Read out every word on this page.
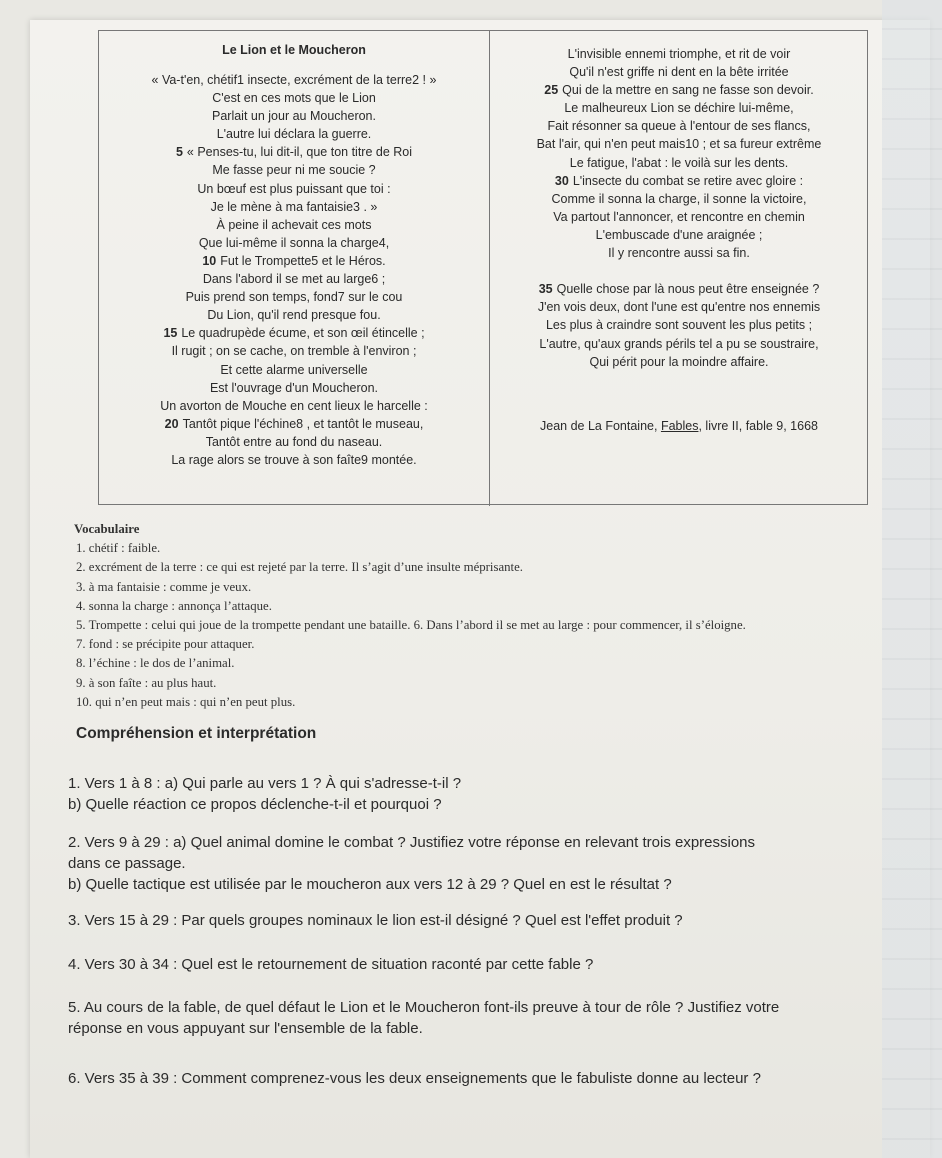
Le Lion et le Moucheron
« Va-t'en, chétif1 insecte, excrément de la terre2 ! »
C'est en ces mots que le Lion
Parlait un jour au Moucheron.
L'autre lui déclara la guerre.
5 « Penses-tu, lui dit-il, que ton titre de Roi
Me fasse peur ni me soucie ?
Un bœuf est plus puissant que toi :
Je le mène à ma fantaisie3 . »
À peine il achevait ces mots
Que lui-même il sonna la charge4,
10 Fut le Trompette5 et le Héros.
Dans l'abord il se met au large6 ;
Puis prend son temps, fond7 sur le cou
Du Lion, qu'il rend presque fou.
15 Le quadrupède écume, et son œil étincelle ;
Il rugit ; on se cache, on tremble à l'environ ;
Et cette alarme universelle
Est l'ouvrage d'un Moucheron.
Un avorton de Mouche en cent lieux le harcelle :
20 Tantôt pique l'échine8 , et tantôt le museau,
Tantôt entre au fond du naseau.
La rage alors se trouve à son faîte9 montée.
L'invisible ennemi triomphe, et rit de voir
Qu'il n'est griffe ni dent en la bête irritée
25 Qui de la mettre en sang ne fasse son devoir.
Le malheureux Lion se déchire lui-même,
Fait résonner sa queue à l'entour de ses flancs,
Bat l'air, qui n'en peut mais10 ; et sa fureur extrême
Le fatigue, l'abat : le voilà sur les dents.
30 L'insecte du combat se retire avec gloire :
Comme il sonna la charge, il sonne la victoire,
Va partout l'annoncer, et rencontre en chemin
L'embuscade d'une araignée ;
Il y rencontre aussi sa fin.

35 Quelle chose par là nous peut être enseignée ?
J'en vois deux, dont l'une est qu'entre nos ennemis
Les plus à craindre sont souvent les plus petits ;
L'autre, qu'aux grands périls tel a pu se soustraire,
Qui périt pour la moindre affaire.
Jean de La Fontaine, Fables, livre II, fable 9, 1668
Vocabulaire
1. chétif : faible.
2. excrément de la terre : ce qui est rejeté par la terre. Il s’agit d’une insulte méprisante.
3. à ma fantaisie : comme je veux.
4. sonna la charge : annonça l’attaque.
5. Trompette : celui qui joue de la trompette pendant une bataille. 6. Dans l’abord il se met au large : pour commencer, il s’éloigne.
7. fond : se précipite pour attaquer.
8. l’échine : le dos de l’animal.
9. à son faîte : au plus haut.
10. qui n’en peut mais : qui n’en peut plus.
Compréhension et interprétation
1. Vers 1 à 8 : a) Qui parle au vers 1 ? À qui s'adresse-t-il ?
b) Quelle réaction ce propos déclenche-t-il et pourquoi ?
2. Vers 9 à 29 : a) Quel animal domine le combat ? Justifiez votre réponse en relevant trois expressions
dans ce passage.
b) Quelle tactique est utilisée par le moucheron aux vers 12 à 29 ? Quel en est le résultat ?
3. Vers 15 à 29 : Par quels groupes nominaux le lion est-il désigné ? Quel est l'effet produit ?
4. Vers 30 à 34 : Quel est le retournement de situation raconté par cette fable ?
5. Au cours de la fable, de quel défaut le Lion et le Moucheron font-ils preuve à tour de rôle ? Justifiez votre
réponse en vous appuyant sur l'ensemble de la fable.
6. Vers 35 à 39 : Comment comprenez-vous les deux enseignements que le fabuliste donne au lecteur ?
